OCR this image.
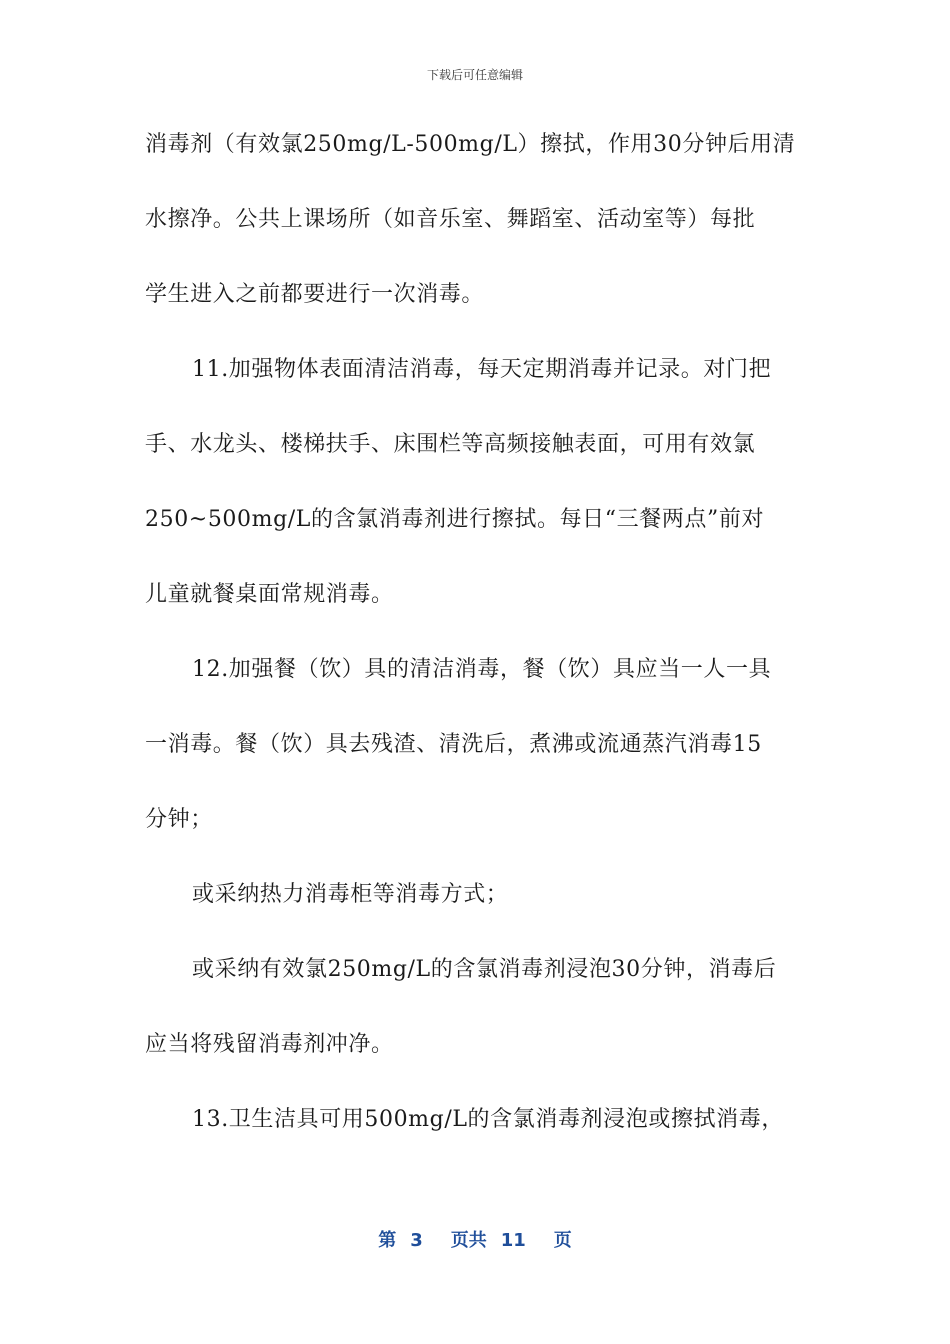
下载后可任意编辑
消毒剂（有效氯250mg/L-500mg/L）擦拭，作用30分钟后用清
水擦净。公共上课场所（如音乐室、舞蹈室、活动室等）每批
学生进入之前都要进行一次消毒。
11.加强物体表面清洁消毒，每天定期消毒并记录。对门把
手、水龙头、楼梯扶手、床围栏等高频接触表面，可用有效氯
250~500mg/L的含氯消毒剂进行擦拭。每日“三餐两点”前对
儿童就餐桌面常规消毒。
12.加强餐（饮）具的清洁消毒，餐（饮）具应当一人一具
一消毒。餐（饮）具去残渣、清洗后，煮沸或流通蒸汽消毒15
分钟；
或采纳热力消毒柜等消毒方式；
或采纳有效氯250mg/L的含氯消毒剂浸泡30分钟，消毒后
应当将残留消毒剂冲净。
13.卫生洁具可用500mg/L的含氯消毒剂浸泡或擦拭消毒，
第 3 页共 11 页
